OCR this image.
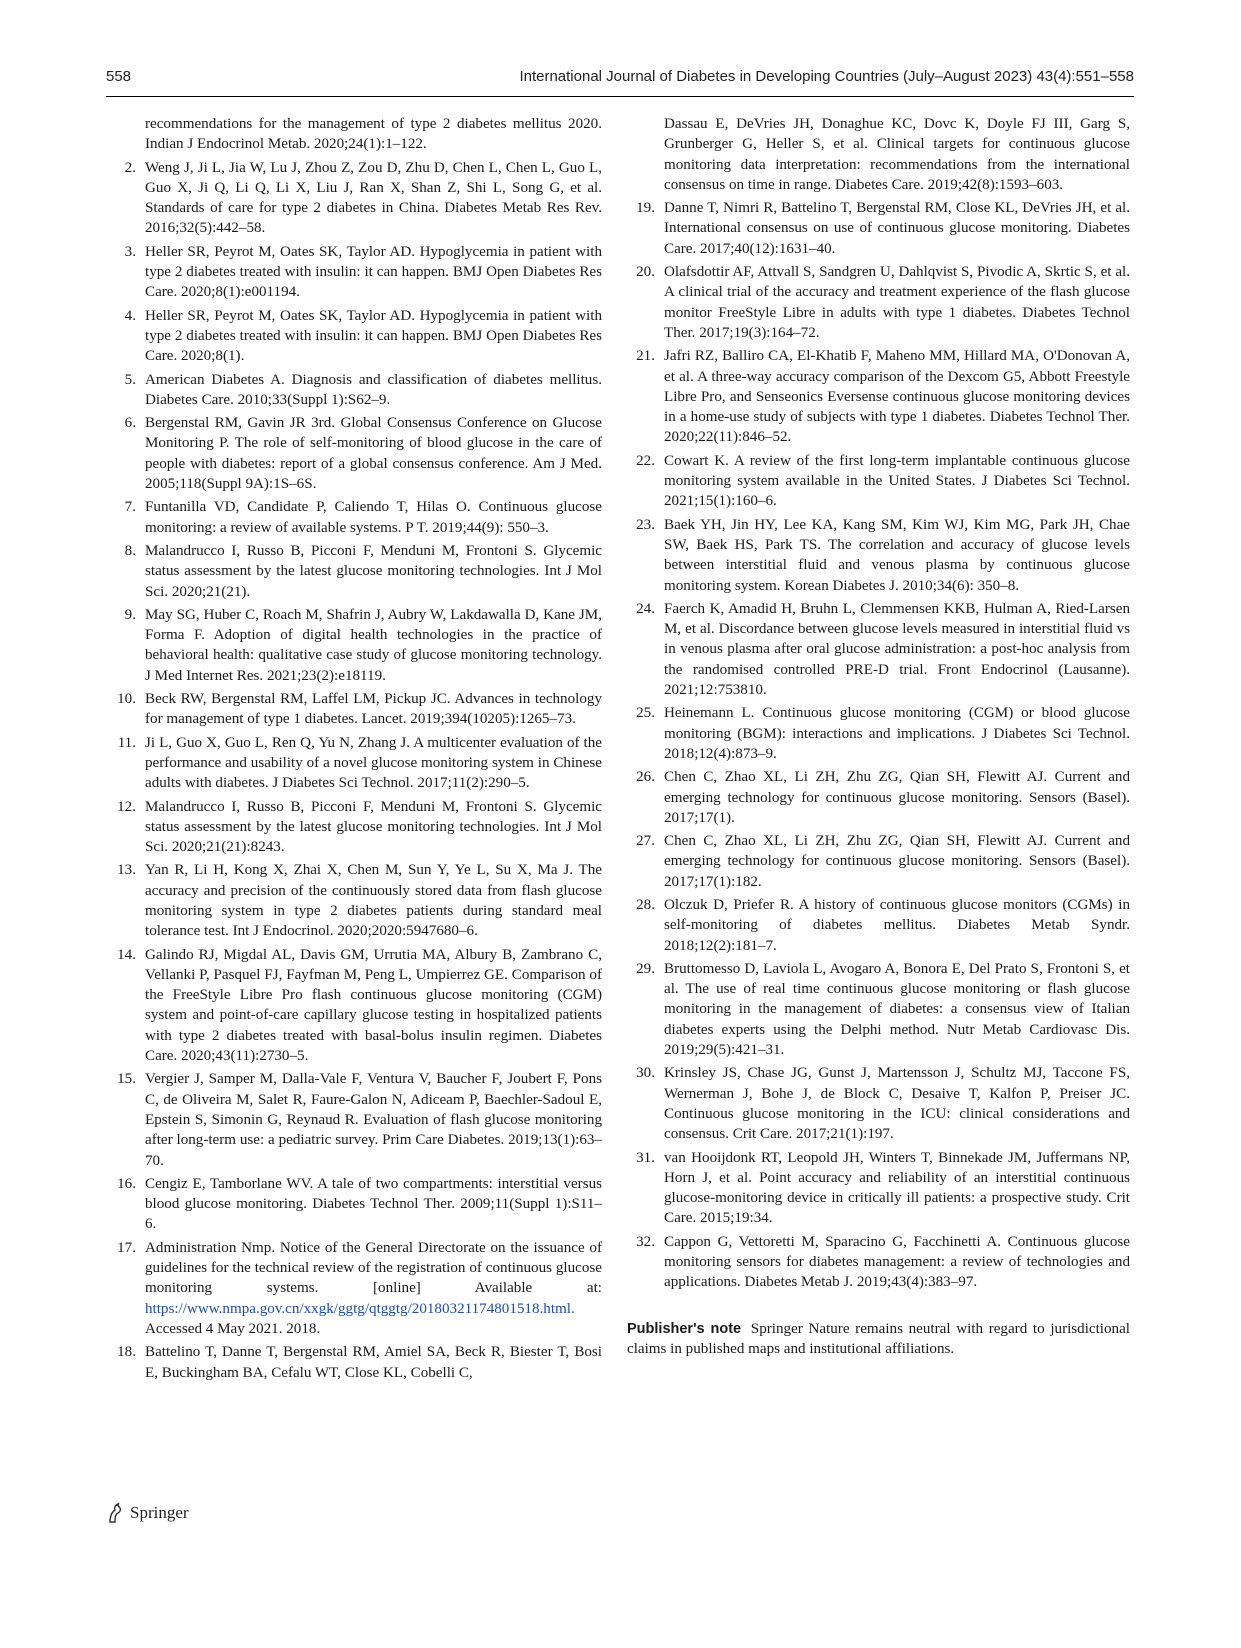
558	International Journal of Diabetes in Developing Countries (July–August 2023) 43(4):551–558
recommendations for the management of type 2 diabetes mellitus 2020. Indian J Endocrinol Metab. 2020;24(1):1–122.
2. Weng J, Ji L, Jia W, Lu J, Zhou Z, Zou D, Zhu D, Chen L, Chen L, Guo L, Guo X, Ji Q, Li Q, Li X, Liu J, Ran X, Shan Z, Shi L, Song G, et al. Standards of care for type 2 diabetes in China. Diabetes Metab Res Rev. 2016;32(5):442–58.
3. Heller SR, Peyrot M, Oates SK, Taylor AD. Hypoglycemia in patient with type 2 diabetes treated with insulin: it can happen. BMJ Open Diabetes Res Care. 2020;8(1):e001194.
4. Heller SR, Peyrot M, Oates SK, Taylor AD. Hypoglycemia in patient with type 2 diabetes treated with insulin: it can happen. BMJ Open Diabetes Res Care. 2020;8(1).
5. American Diabetes A. Diagnosis and classification of diabetes mellitus. Diabetes Care. 2010;33(Suppl 1):S62–9.
6. Bergenstal RM, Gavin JR 3rd. Global Consensus Conference on Glucose Monitoring P. The role of self-monitoring of blood glucose in the care of people with diabetes: report of a global consensus conference. Am J Med. 2005;118(Suppl 9A):1S–6S.
7. Funtanilla VD, Candidate P, Caliendo T, Hilas O. Continuous glucose monitoring: a review of available systems. P T. 2019;44(9): 550–3.
8. Malandrucco I, Russo B, Picconi F, Menduni M, Frontoni S. Glycemic status assessment by the latest glucose monitoring technologies. Int J Mol Sci. 2020;21(21).
9. May SG, Huber C, Roach M, Shafrin J, Aubry W, Lakdawalla D, Kane JM, Forma F. Adoption of digital health technologies in the practice of behavioral health: qualitative case study of glucose monitoring technology. J Med Internet Res. 2021;23(2):e18119.
10. Beck RW, Bergenstal RM, Laffel LM, Pickup JC. Advances in technology for management of type 1 diabetes. Lancet. 2019;394(10205):1265–73.
11. Ji L, Guo X, Guo L, Ren Q, Yu N, Zhang J. A multicenter evaluation of the performance and usability of a novel glucose monitoring system in Chinese adults with diabetes. J Diabetes Sci Technol. 2017;11(2):290–5.
12. Malandrucco I, Russo B, Picconi F, Menduni M, Frontoni S. Glycemic status assessment by the latest glucose monitoring technologies. Int J Mol Sci. 2020;21(21):8243.
13. Yan R, Li H, Kong X, Zhai X, Chen M, Sun Y, Ye L, Su X, Ma J. The accuracy and precision of the continuously stored data from flash glucose monitoring system in type 2 diabetes patients during standard meal tolerance test. Int J Endocrinol. 2020;2020:5947680–6.
14. Galindo RJ, Migdal AL, Davis GM, Urrutia MA, Albury B, Zambrano C, Vellanki P, Pasquel FJ, Fayfman M, Peng L, Umpierrez GE. Comparison of the FreeStyle Libre Pro flash continuous glucose monitoring (CGM) system and point-of-care capillary glucose testing in hospitalized patients with type 2 diabetes treated with basal-bolus insulin regimen. Diabetes Care. 2020;43(11):2730–5.
15. Vergier J, Samper M, Dalla-Vale F, Ventura V, Baucher F, Joubert F, Pons C, de Oliveira M, Salet R, Faure-Galon N, Adiceam P, Baechler-Sadoul E, Epstein S, Simonin G, Reynaud R. Evaluation of flash glucose monitoring after long-term use: a pediatric survey. Prim Care Diabetes. 2019;13(1):63–70.
16. Cengiz E, Tamborlane WV. A tale of two compartments: interstitial versus blood glucose monitoring. Diabetes Technol Ther. 2009;11(Suppl 1):S11–6.
17. Administration Nmp. Notice of the General Directorate on the issuance of guidelines for the technical review of the registration of continuous glucose monitoring systems. [online] Available at: https://www.nmpa.gov.cn/xxgk/ggtg/qtggtg/20180321174801518.html. Accessed 4 May 2021. 2018.
18. Battelino T, Danne T, Bergenstal RM, Amiel SA, Beck R, Biester T, Bosi E, Buckingham BA, Cefalu WT, Close KL, Cobelli C,
Dassau E, DeVries JH, Donaghue KC, Dovc K, Doyle FJ III, Garg S, Grunberger G, Heller S, et al. Clinical targets for continuous glucose monitoring data interpretation: recommendations from the international consensus on time in range. Diabetes Care. 2019;42(8):1593–603.
19. Danne T, Nimri R, Battelino T, Bergenstal RM, Close KL, DeVries JH, et al. International consensus on use of continuous glucose monitoring. Diabetes Care. 2017;40(12):1631–40.
20. Olafsdottir AF, Attvall S, Sandgren U, Dahlqvist S, Pivodic A, Skrtic S, et al. A clinical trial of the accuracy and treatment experience of the flash glucose monitor FreeStyle Libre in adults with type 1 diabetes. Diabetes Technol Ther. 2017;19(3):164–72.
21. Jafri RZ, Balliro CA, El-Khatib F, Maheno MM, Hillard MA, O'Donovan A, et al. A three-way accuracy comparison of the Dexcom G5, Abbott Freestyle Libre Pro, and Senseonics Eversense continuous glucose monitoring devices in a home-use study of subjects with type 1 diabetes. Diabetes Technol Ther. 2020;22(11):846–52.
22. Cowart K. A review of the first long-term implantable continuous glucose monitoring system available in the United States. J Diabetes Sci Technol. 2021;15(1):160–6.
23. Baek YH, Jin HY, Lee KA, Kang SM, Kim WJ, Kim MG, Park JH, Chae SW, Baek HS, Park TS. The correlation and accuracy of glucose levels between interstitial fluid and venous plasma by continuous glucose monitoring system. Korean Diabetes J. 2010;34(6): 350–8.
24. Faerch K, Amadid H, Bruhn L, Clemmensen KKB, Hulman A, Ried-Larsen M, et al. Discordance between glucose levels measured in interstitial fluid vs in venous plasma after oral glucose administration: a post-hoc analysis from the randomised controlled PRE-D trial. Front Endocrinol (Lausanne). 2021;12:753810.
25. Heinemann L. Continuous glucose monitoring (CGM) or blood glucose monitoring (BGM): interactions and implications. J Diabetes Sci Technol. 2018;12(4):873–9.
26. Chen C, Zhao XL, Li ZH, Zhu ZG, Qian SH, Flewitt AJ. Current and emerging technology for continuous glucose monitoring. Sensors (Basel). 2017;17(1).
27. Chen C, Zhao XL, Li ZH, Zhu ZG, Qian SH, Flewitt AJ. Current and emerging technology for continuous glucose monitoring. Sensors (Basel). 2017;17(1):182.
28. Olczuk D, Priefer R. A history of continuous glucose monitors (CGMs) in self-monitoring of diabetes mellitus. Diabetes Metab Syndr. 2018;12(2):181–7.
29. Bruttomesso D, Laviola L, Avogaro A, Bonora E, Del Prato S, Frontoni S, et al. The use of real time continuous glucose monitoring or flash glucose monitoring in the management of diabetes: a consensus view of Italian diabetes experts using the Delphi method. Nutr Metab Cardiovasc Dis. 2019;29(5):421–31.
30. Krinsley JS, Chase JG, Gunst J, Martensson J, Schultz MJ, Taccone FS, Wernerman J, Bohe J, de Block C, Desaive T, Kalfon P, Preiser JC. Continuous glucose monitoring in the ICU: clinical considerations and consensus. Crit Care. 2017;21(1):197.
31. van Hooijdonk RT, Leopold JH, Winters T, Binnekade JM, Juffermans NP, Horn J, et al. Point accuracy and reliability of an interstitial continuous glucose-monitoring device in critically ill patients: a prospective study. Crit Care. 2015;19:34.
32. Cappon G, Vettoretti M, Sparacino G, Facchinetti A. Continuous glucose monitoring sensors for diabetes management: a review of technologies and applications. Diabetes Metab J. 2019;43(4):383–97.
Publisher's note Springer Nature remains neutral with regard to jurisdictional claims in published maps and institutional affiliations.
Springer
